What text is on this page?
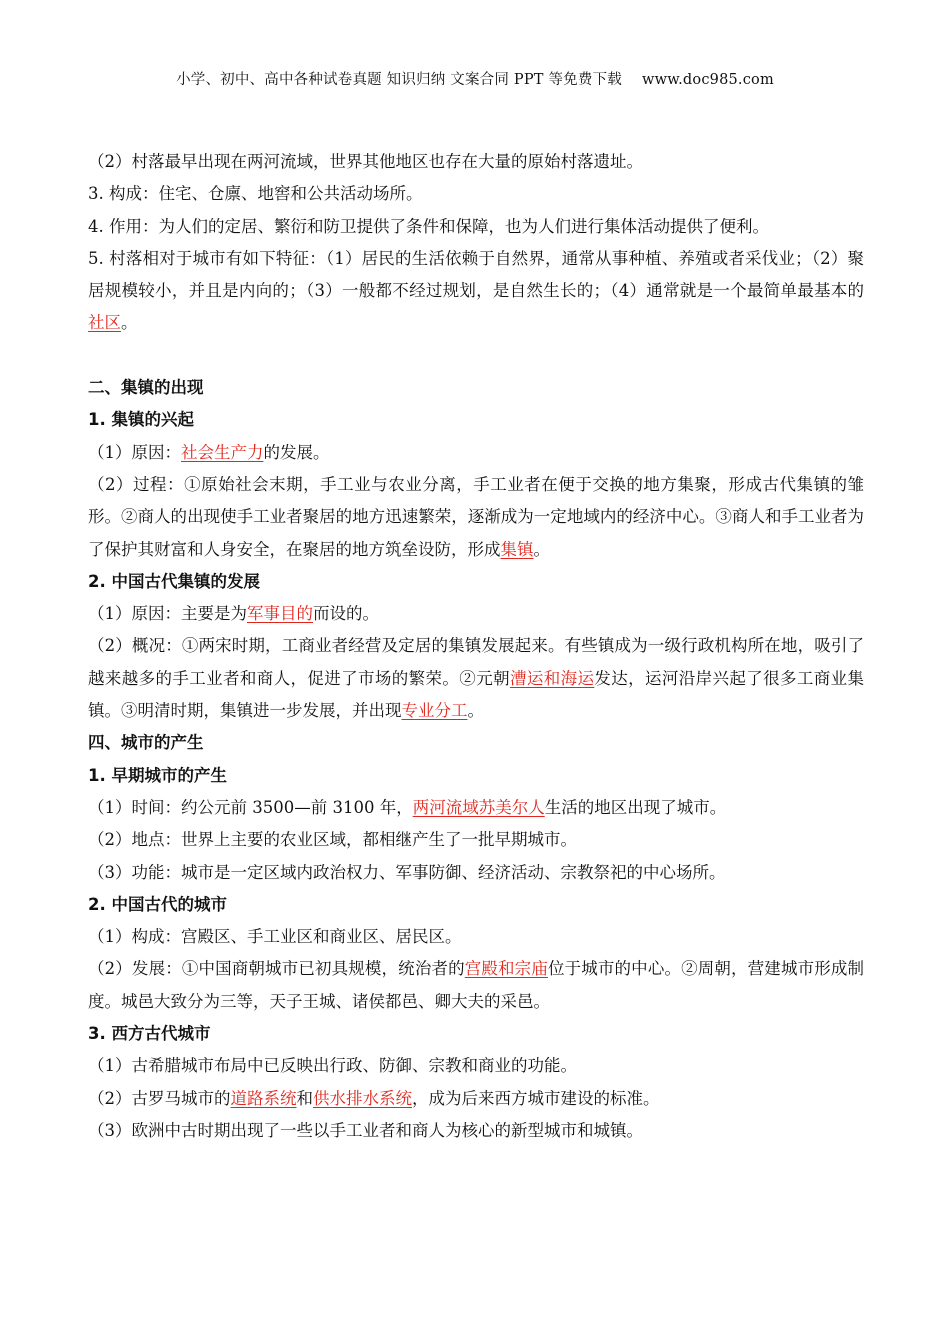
小学、初中、高中各种试卷真题 知识归纳 文案合同 PPT 等免费下载 www.doc985.com
（2）村落最早出现在两河流域，世界其他地区也存在大量的原始村落遗址。
3. 构成：住宅、仓廪、地窖和公共活动场所。
4. 作用：为人们的定居、繁衍和防卫提供了条件和保障，也为人们进行集体活动提供了便利。
5. 村落相对于城市有如下特征：（1）居民的生活依赖于自然界，通常从事种植、养殖或者采伐业；（2）聚居规模较小，并且是内向的；（3）一般都不经过规划，是自然生长的；（4）通常就是一个最简单最基本的社区。
二、集镇的出现
1. 集镇的兴起
（1）原因：社会生产力的发展。
（2）过程：①原始社会末期，手工业与农业分离，手工业者在便于交换的地方集聚，形成古代集镇的雏形。②商人的出现使手工业者聚居的地方迅速繁荣，逐渐成为一定地域内的经济中心。③商人和手工业者为了保护其财富和人身安全，在聚居的地方筑垒设防，形成集镇。
2. 中国古代集镇的发展
（1）原因：主要是为军事目的而设的。
（2）概况：①两宋时期，工商业者经营及定居的集镇发展起来。有些镇成为一级行政机构所在地，吸引了越来越多的手工业者和商人，促进了市场的繁荣。②元朝漕运和海运发达，运河沿岸兴起了很多工商业集镇。③明清时期，集镇进一步发展，并出现专业分工。
四、城市的产生
1. 早期城市的产生
（1）时间：约公元前 3500—前 3100 年，两河流域苏美尔人生活的地区出现了城市。
（2）地点：世界上主要的农业区域，都相继产生了一批早期城市。
（3）功能：城市是一定区域内政治权力、军事防御、经济活动、宗教祭祀的中心场所。
2. 中国古代的城市
（1）构成：宫殿区、手工业区和商业区、居民区。
（2）发展：①中国商朝城市已初具规模，统治者的宫殿和宗庙位于城市的中心。②周朝，营建城市形成制度。城邑大致分为三等，天子王城、诸侯都邑、卿大夫的采邑。
3. 西方古代城市
（1）古希腊城市布局中已反映出行政、防御、宗教和商业的功能。
（2）古罗马城市的道路系统和供水排水系统，成为后来西方城市建设的标准。
（3）欧洲中古时期出现了一些以手工业者和商人为核心的新型城市和城镇。
